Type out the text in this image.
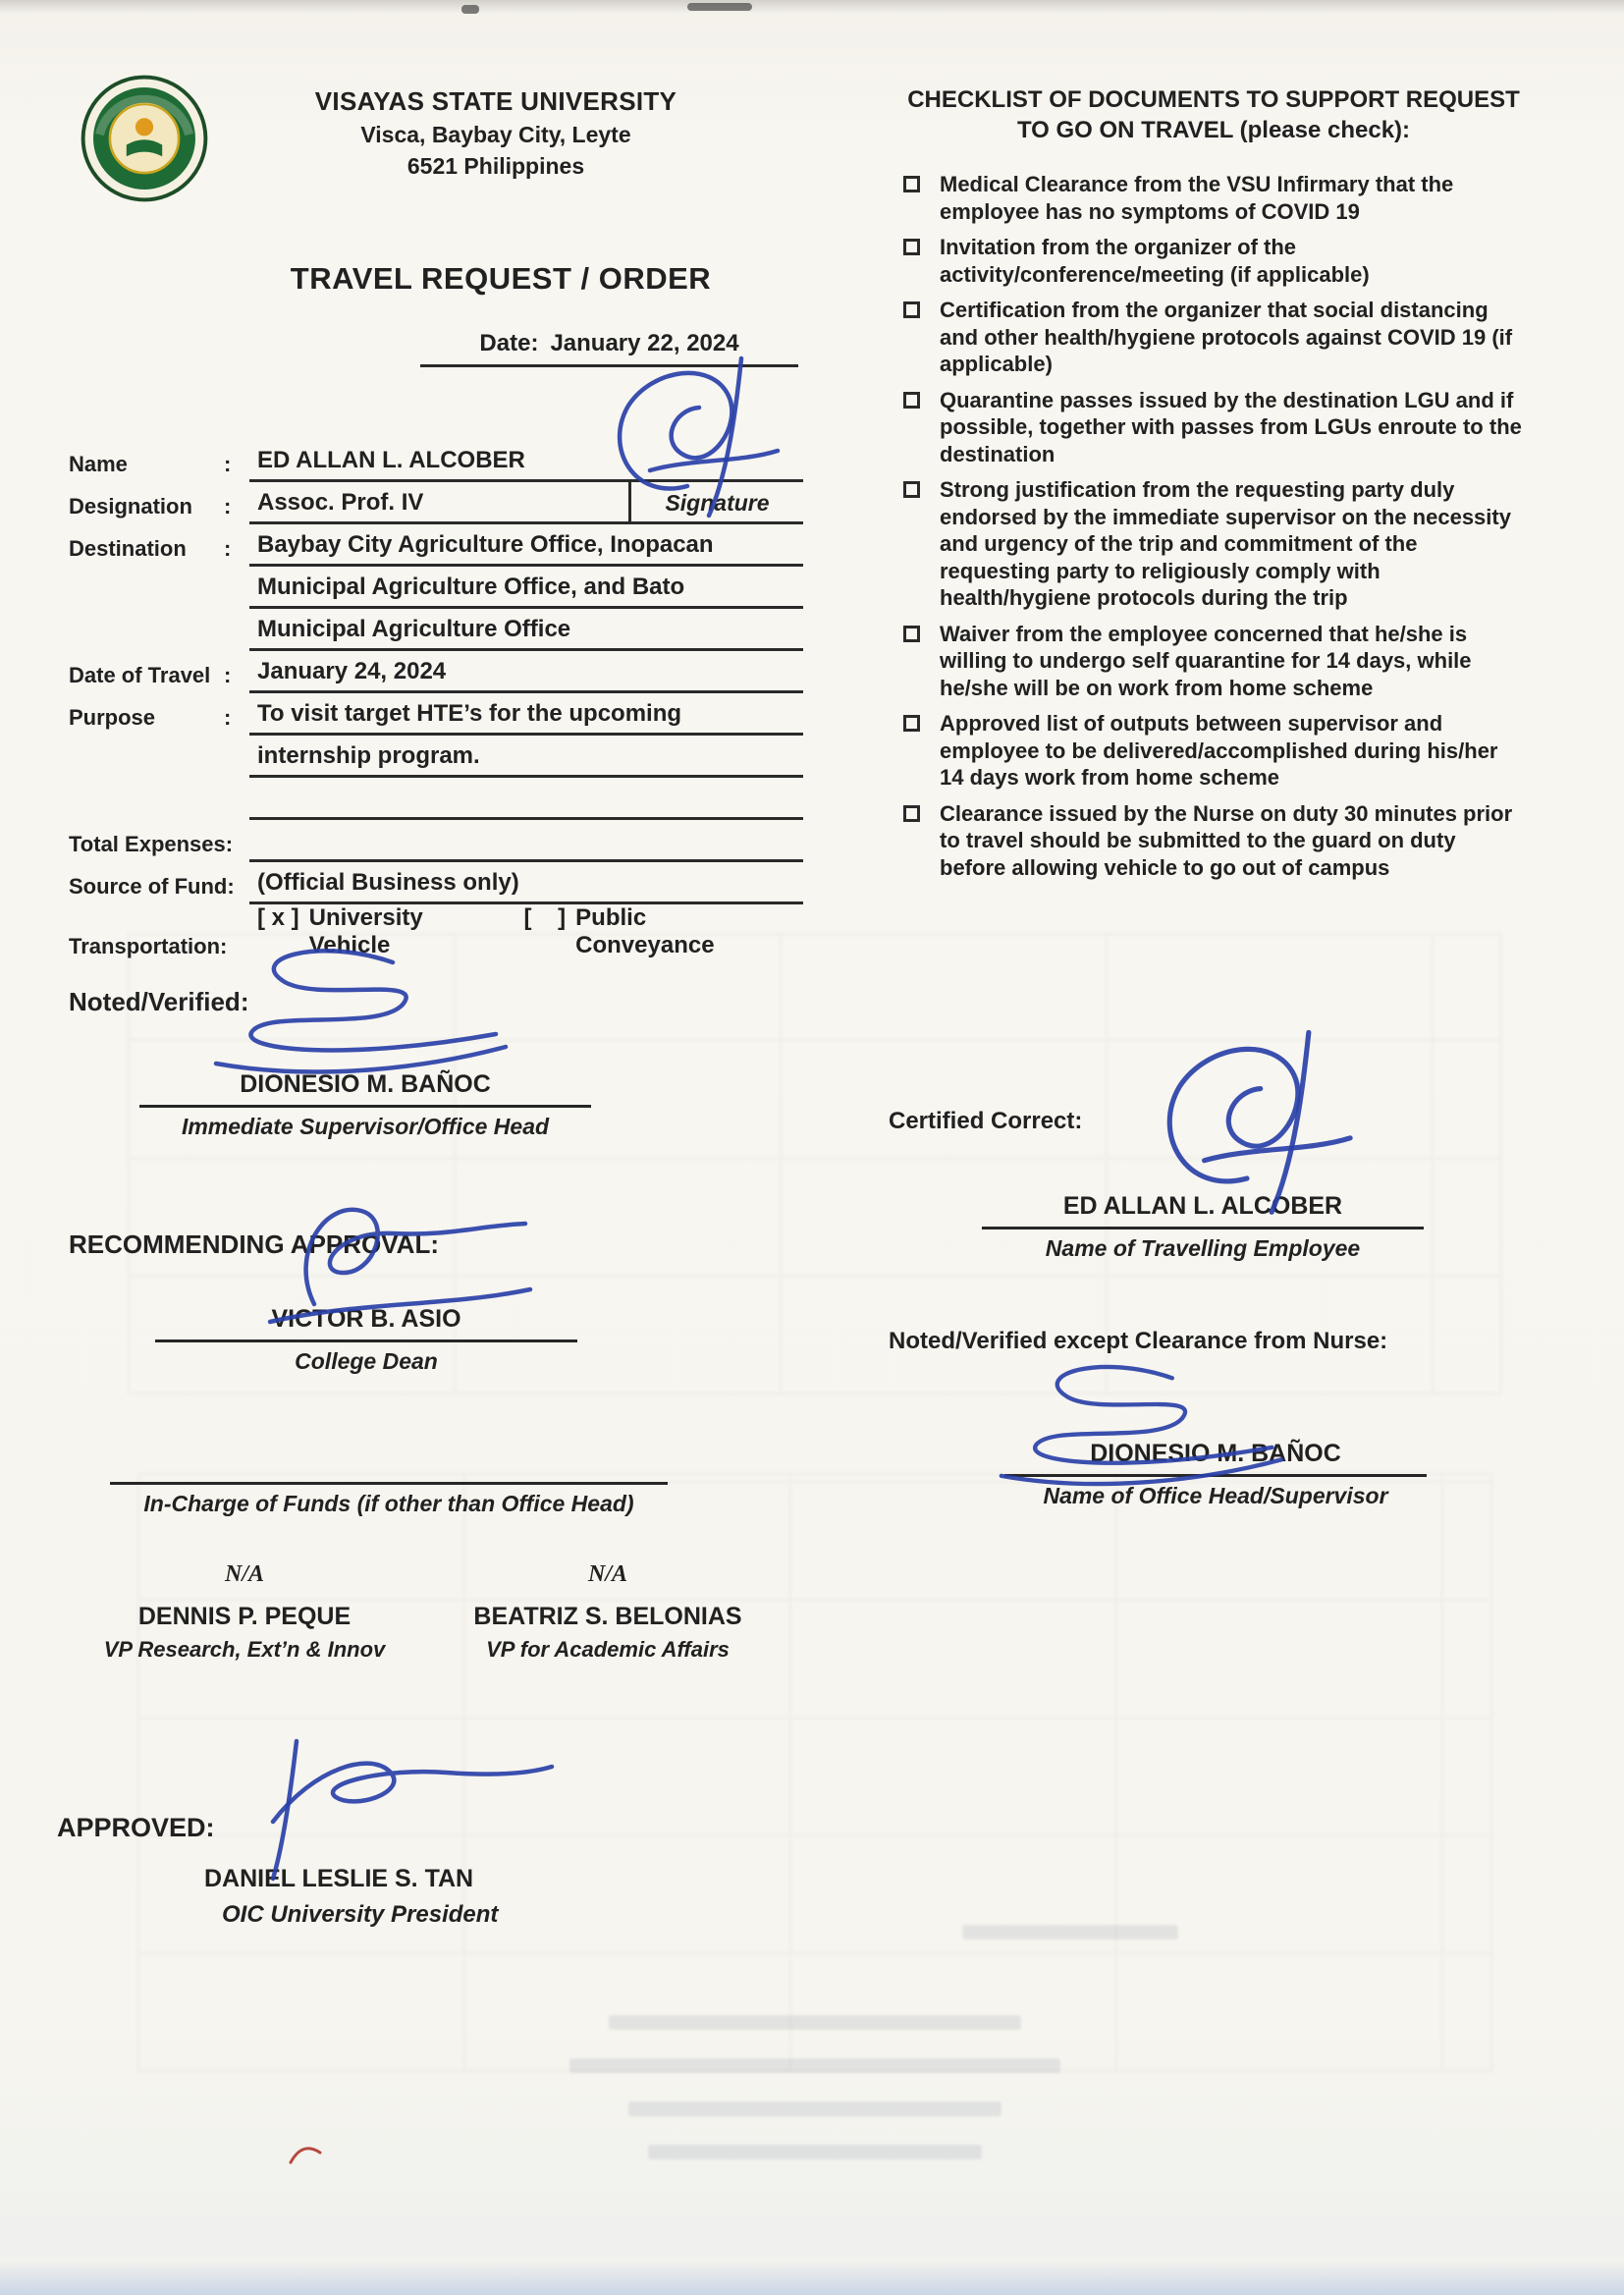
VISAYAS STATE UNIVERSITY
Visca, Baybay City, Leyte
6521 Philippines
TRAVEL REQUEST / ORDER
Date: January 22, 2024
Name	:	ED ALLAN L. ALCOBER
Designation	:	Assoc. Prof. IV	Signature
Destination	:	Baybay City Agriculture Office, Inopacan
Municipal Agriculture Office, and Bato
Municipal Agriculture Office
Date of Travel :	January 24, 2024
Purpose	:	To visit target HTE’s for the upcoming
internship program.
Total Expenses:
Source of Fund: (Official Business only)
Transportation:
[ x ] University Vehicle
[    ] Public Conveyance
Noted/Verified:
DIONESIO M. BAÑOC
Immediate Supervisor/Office Head
RECOMMENDING APPROVAL:
VICTOR B. ASIO
College Dean
In-Charge of Funds (if other than Office Head)
N/A
DENNIS P. PEQUE
VP Research, Ext’n & Innov
N/A
BEATRIZ S. BELONIAS
VP for Academic Affairs
APPROVED:
DANIEL LESLIE S. TAN
OIC University President
CHECKLIST OF DOCUMENTS TO SUPPORT REQUEST
TO GO ON TRAVEL (please check):
Medical Clearance from the VSU Infirmary that the employee has no symptoms of COVID 19
Invitation from the organizer of the activity/conference/meeting (if applicable)
Certification from the organizer that social distancing and other health/hygiene protocols against COVID 19 (if applicable)
Quarantine passes issued by the destination LGU and if possible, together with passes from LGUs enroute to the destination
Strong justification from the requesting party duly endorsed by the immediate supervisor on the necessity and urgency of the trip and commitment of the requesting party to religiously comply with health/hygiene protocols during the trip
Waiver from the employee concerned that he/she is willing to undergo self quarantine for 14 days, while he/she will be on work from home scheme
Approved list of outputs between supervisor and employee to be delivered/accomplished during his/her 14 days work from home scheme
Clearance issued by the Nurse on duty 30 minutes prior to travel should be submitted to the guard on duty before allowing vehicle to go out of campus
Certified Correct:
ED ALLAN L. ALCOBER
Name of Travelling Employee
Noted/Verified except Clearance from Nurse:
DIONESIO M. BAÑOC
Name of Office Head/Supervisor
